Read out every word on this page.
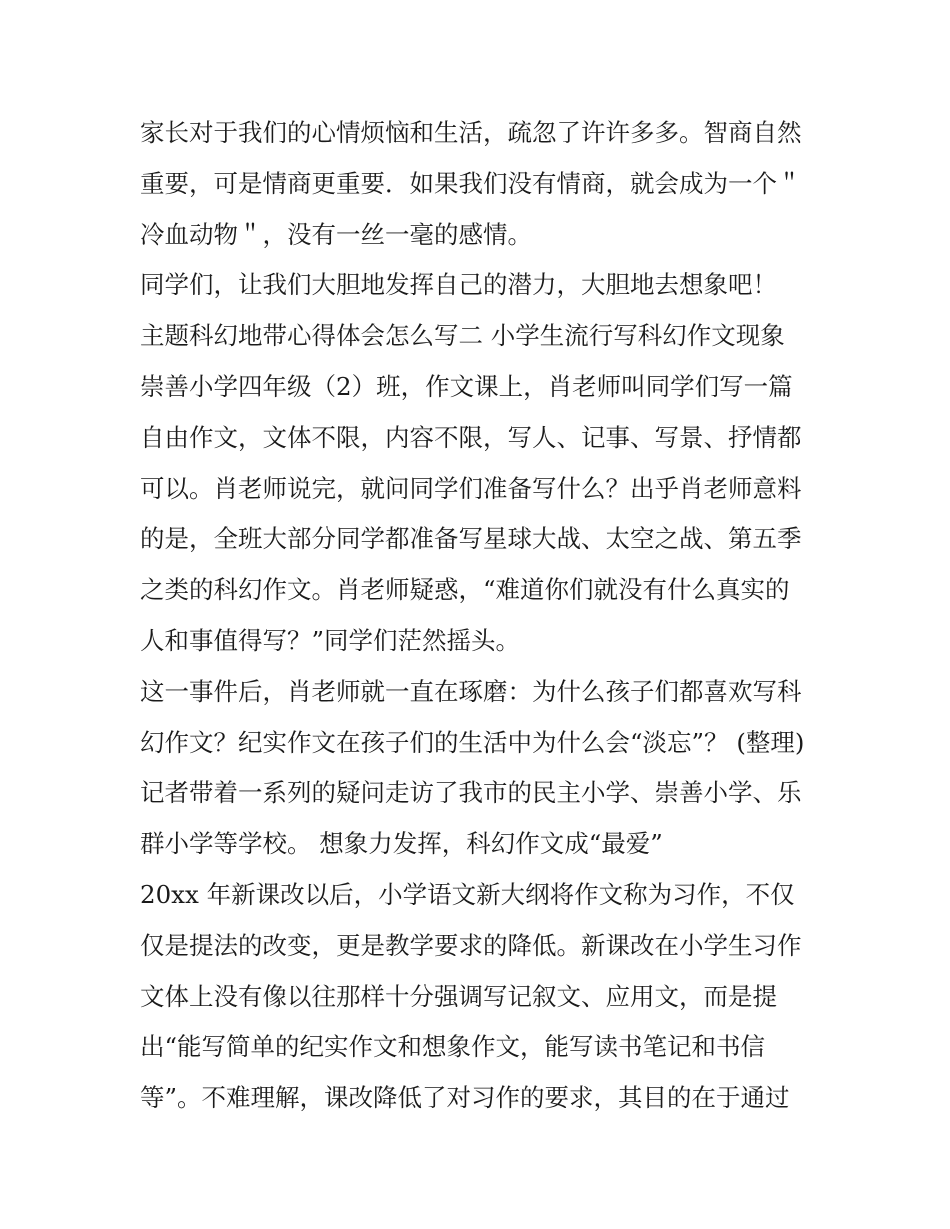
家长对于我们的心情烦恼和生活，疏忽了许许多多。智商自然
重要，可是情商更重要．如果我们没有情商，就会成为一个＂
冷血动物＂，没有一丝一毫的感情。
同学们，让我们大胆地发挥自己的潜力，大胆地去想象吧！
主题科幻地带心得体会怎么写二 小学生流行写科幻作文现象
崇善小学四年级（2）班，作文课上，肖老师叫同学们写一篇
自由作文，文体不限，内容不限，写人、记事、写景、抒情都
可以。肖老师说完，就问同学们准备写什么？出乎肖老师意料
的是，全班大部分同学都准备写星球大战、太空之战、第五季
之类的科幻作文。肖老师疑惑，“难道你们就没有什么真实的
人和事值得写？”同学们茫然摇头。
这一事件后，肖老师就一直在琢磨：为什么孩子们都喜欢写科
幻作文？纪实作文在孩子们的生活中为什么会“淡忘”？ (整理)
记者带着一系列的疑问走访了我市的民主小学、崇善小学、乐
群小学等学校。 想象力发挥，科幻作文成“最爱”
20xx 年新课改以后，小学语文新大纲将作文称为习作，不仅
仅是提法的改变，更是教学要求的降低。新课改在小学生习作
文体上没有像以往那样十分强调写记叙文、应用文，而是提
出“能写简单的纪实作文和想象作文，能写读书笔记和书信
等”。不难理解，课改降低了对习作的要求，其目的在于通过
